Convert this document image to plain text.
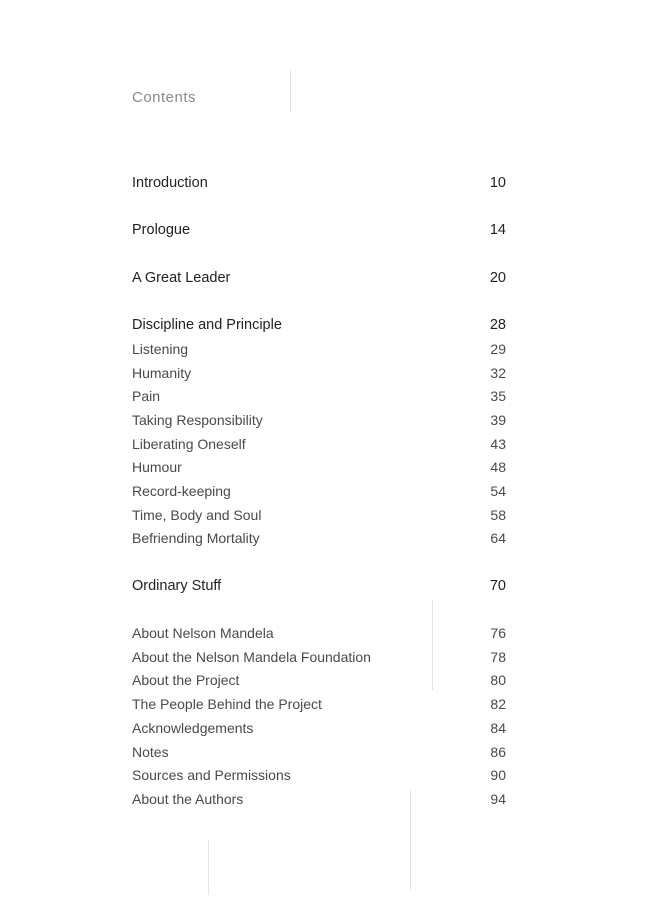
Contents
Introduction	10
Prologue	14
A Great Leader	20
Discipline and Principle	28
Listening	29
Humanity	32
Pain	35
Taking Responsibility	39
Liberating Oneself	43
Humour	48
Record-keeping	54
Time, Body and Soul	58
Befriending Mortality	64
Ordinary Stuff	70
About Nelson Mandela	76
About the Nelson Mandela Foundation	78
About the Project	80
The People Behind the Project	82
Acknowledgements	84
Notes	86
Sources and Permissions	90
About the Authors	94
